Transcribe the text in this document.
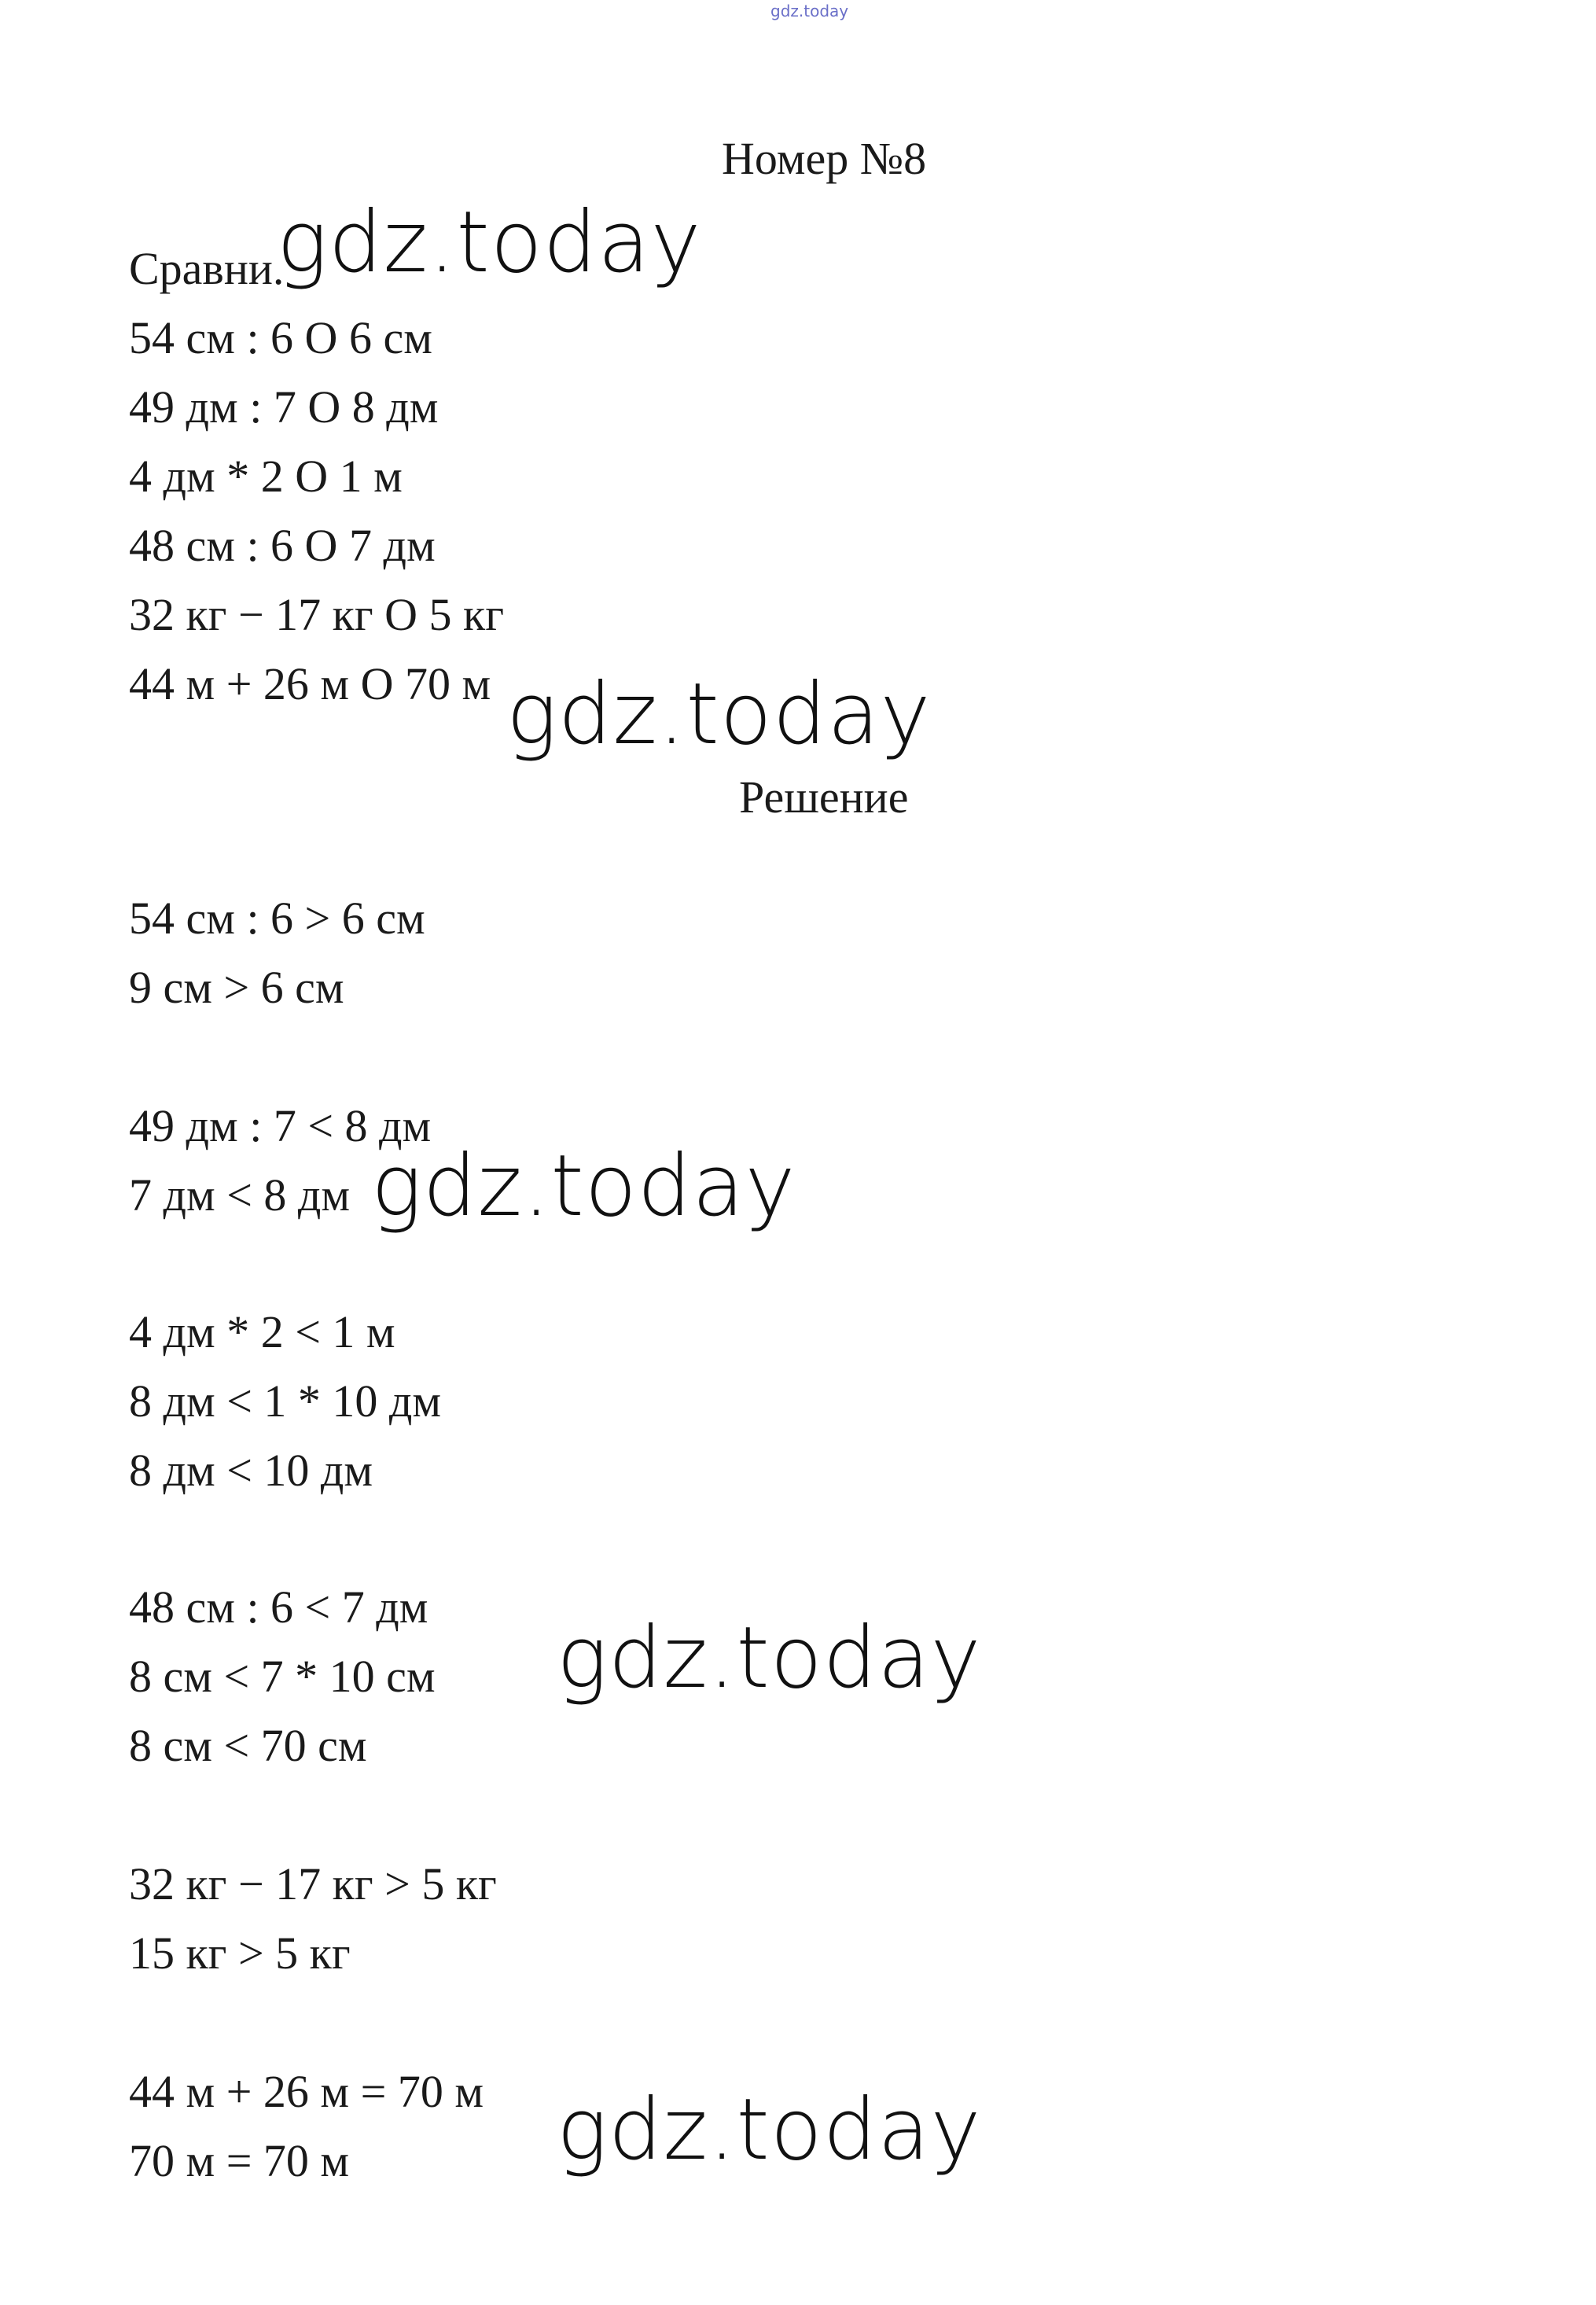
gdz.today
Номер №8
Сравни.
54 см : 6 O 6 см
49 дм : 7 O 8 дм
4 дм * 2 O 1 м
48 см : 6 O 7 дм
32 кг − 17 кг O 5 кг
44 м + 26 м O 70 м
Решение
54 см : 6 > 6 см
9 см > 6 см
49 дм : 7 < 8 дм
7 дм < 8 дм
4 дм * 2 < 1 м
8 дм < 1 * 10 дм
8 дм < 10 дм
48 см : 6 < 7 дм
8 см < 7 * 10 см
8 см < 70 см
32 кг − 17 кг > 5 кг
15 кг > 5 кг
44 м + 26 м = 70 м
70 м = 70 м
gdz.today
gdz.today
gdz.today
gdz.today
gdz.today
